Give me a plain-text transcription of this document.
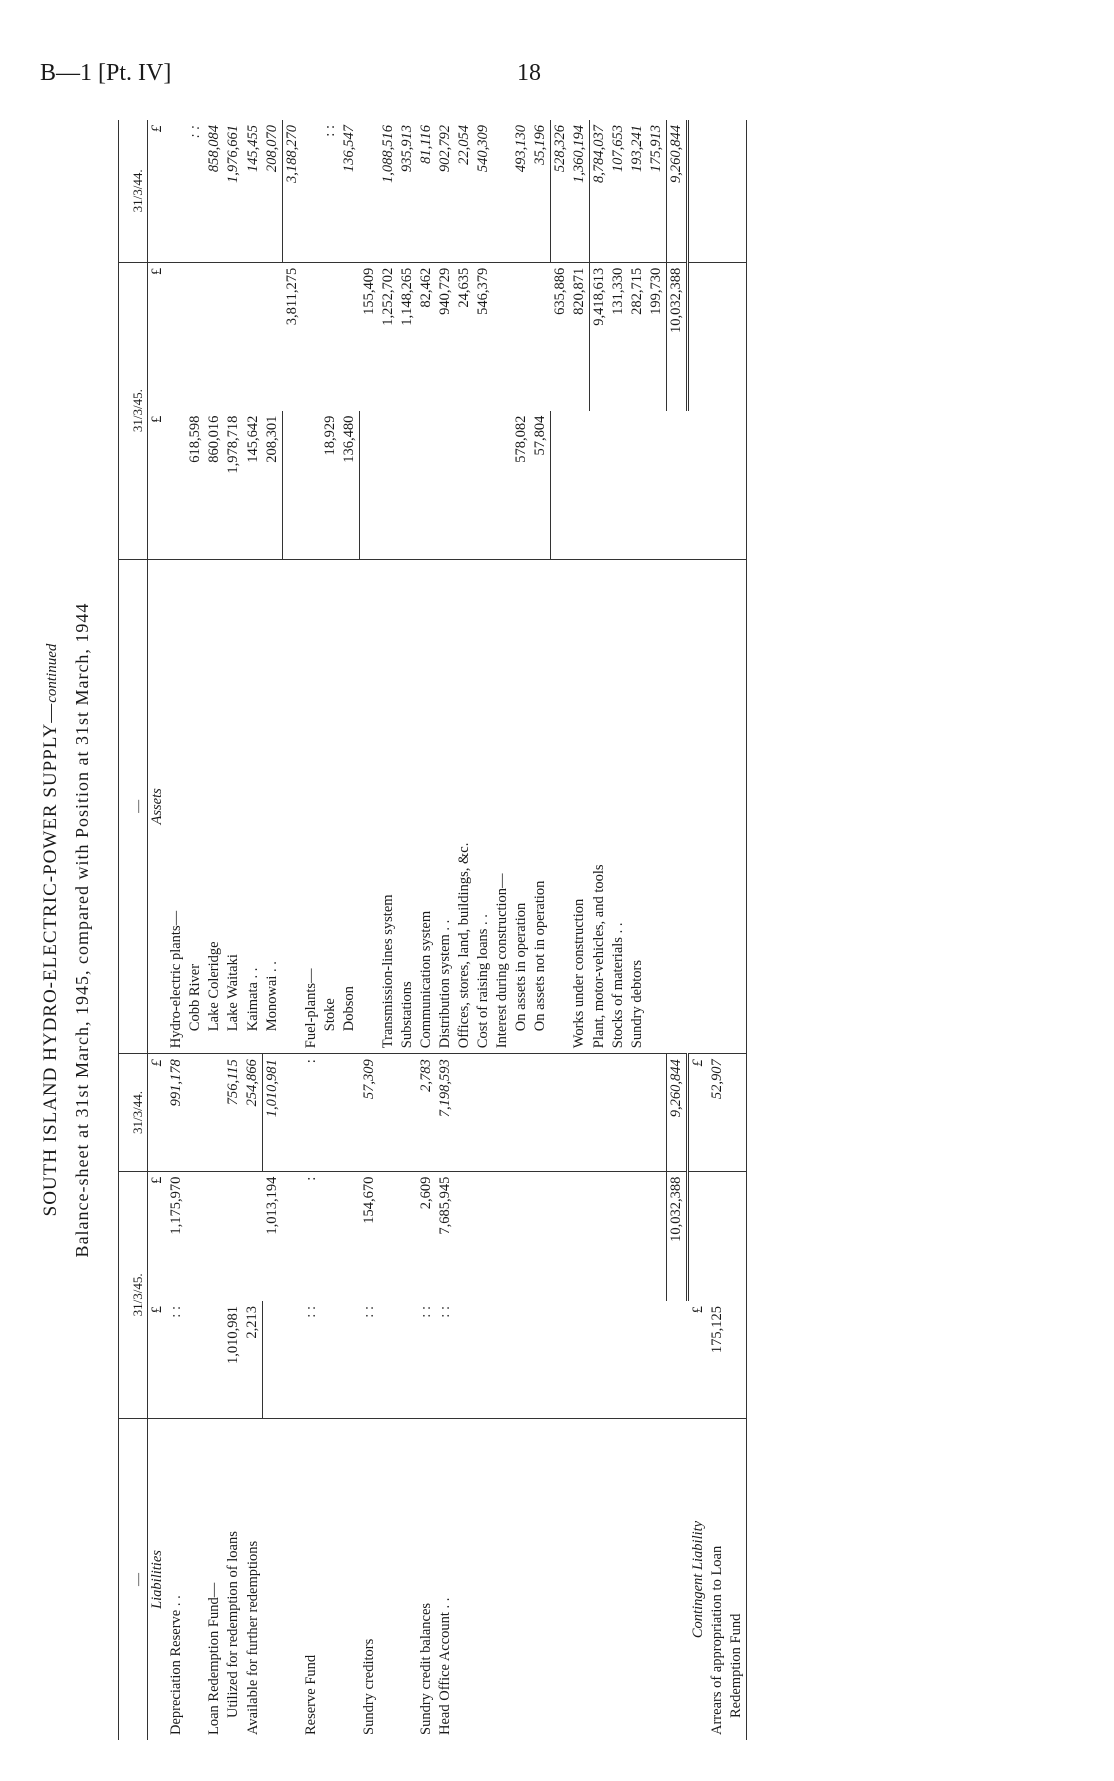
B—1 [Pt. IV]	18
SOUTH ISLAND HYDRO-ELECTRIC-POWER SUPPLY—continued Balance-sheet at 31st March, 1945, compared with Position at 31st March, 1944
—	31/3/45.		31/3/44.	—	31/3/45.		31/3/44.
Liabilities	£	£	£	Assets	£	£	£
Depreciation Reserve . .	: :	1,175,970	991,178	Hydro-electric plants—			
				Cobb River	618,598		: :
Loan Redemption Fund—				Lake Coleridge	860,016		858,084
Utilized for redemption of loans	1,010,981		756,115	Lake Waitaki	1,978,718		1,976,661
Available for further redemptions	2,213		254,866	Kaimata . .	145,642		145,455
		1,013,194	1,010,981	Monowai . .	208,301		208,070
						3,811,275	3,188,270
Reserve Fund	: :	:	:	Fuel-plants—			
				Stoke	18,929		: :
				Dobson	136,480		136,547
Sundry creditors	: :	154,670	57,309			155,409	
				Transmission-lines system		1,252,702	1,088,516
				Substations		1,148,265	935,913
Sundry credit balances	: :	2,609	2,783	Communication system		82,462	81,116
Head Office Account . .	: :	7,685,945	7,198,593	Distribution system . .		940,729	902,792
				Offices, stores, land, buildings, &c.		24,635	22,054
				Cost of raising loans . .		546,379	540,309
				Interest during construction—			
				On assets in operation	578,082		493,130
				On assets not in operation	57,804		35,196
						635,886	528,326
				Works under construction		820,871	1,360,194
				Plant, motor-vehicles, and tools		9,418,613	8,784,037
				Stocks of materials . .		131,330	107,653
				Sundry debtors		282,715	193,241
						199,730	175,913
		10,032,388	9,260,844			10,032,388	9,260,844
Contingent Liability	£		£				
Arrears of appropriation to Loan	175,125		52,907				
Redemption Fund							
